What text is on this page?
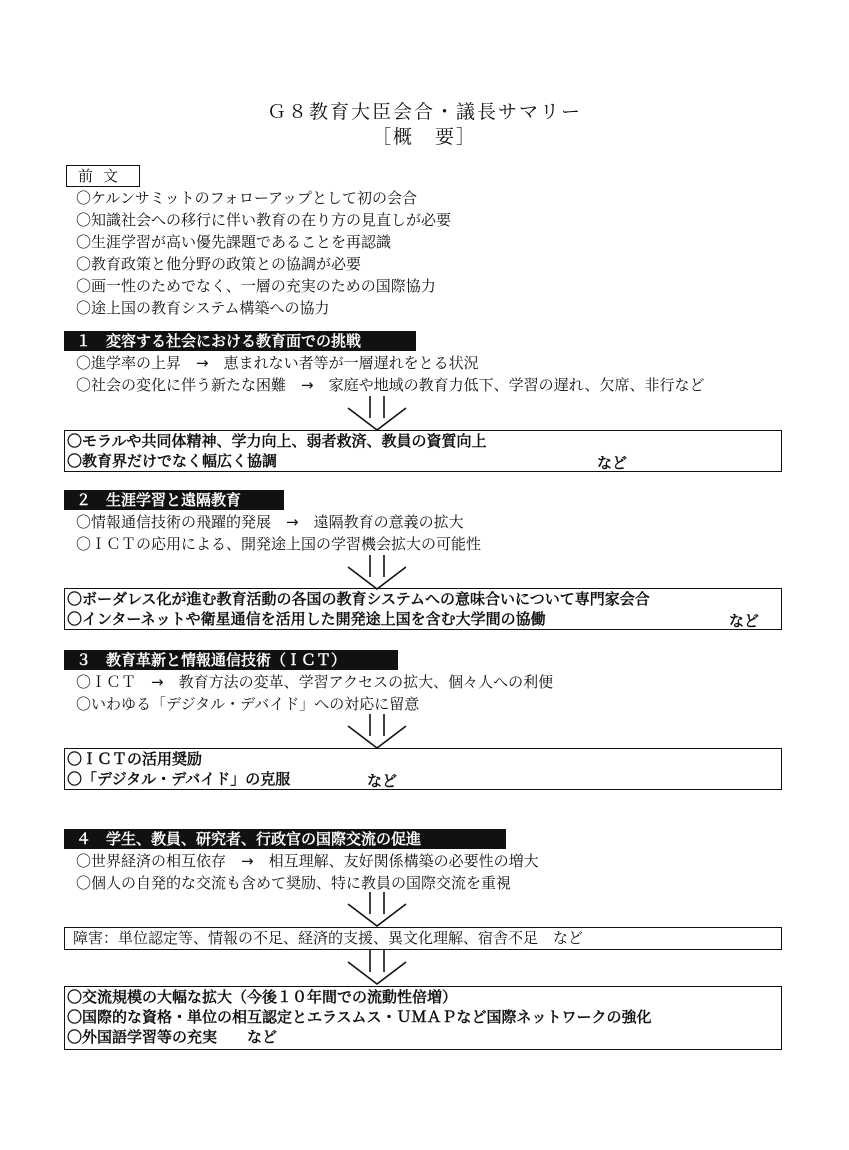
Ｇ８教育大臣会合・議長サマリー
［概　要］
前文
〇ケルンサミットのフォローアップとして初の会合
〇知識社会への移行に伴い教育の在り方の見直しが必要
〇生涯学習が高い優先課題であることを再認識
〇教育政策と他分野の政策との協調が必要
〇画一性のためでなく、一層の充実のための国際協力
〇途上国の教育システム構築への協力
１　変容する社会における教育面での挑戦
〇進学率の上昇　→　恵まれない者等が一層遅れをとる状況
〇社会の変化に伴う新たな困難　→　家庭や地域の教育力低下、学習の遅れ、欠席、非行など
〇モラルや共同体精神、学力向上、弱者救済、教員の資質向上
〇教育界だけでなく幅広く協調	など
２　生涯学習と遠隔教育
〇情報通信技術の飛躍的発展　→　遠隔教育の意義の拡大
〇ＩＣＴの応用による、開発途上国の学習機会拡大の可能性
〇ボーダレス化が進む教育活動の各国の教育システムへの意味合いについて専門家会合
〇インターネットや衛星通信を活用した開発途上国を含む大学間の協働	など
３　教育革新と情報通信技術（ＩＣＴ）
〇ＩＣＴ　→　教育方法の変革、学習アクセスの拡大、個々人への利便
〇いわゆる「デジタル・デバイド」への対応に留意
〇ＩＣＴの活用奨励
〇「デジタル・デバイド」の克服	など
４　学生、教員、研究者、行政官の国際交流の促進
〇世界経済の相互依存　→　相互理解、友好関係構築の必要性の増大
〇個人の自発的な交流も含めて奨励、特に教員の国際交流を重視
障害：単位認定等、情報の不足、経済的支援、異文化理解、宿舎不足　など
〇交流規模の大幅な拡大（今後１０年間での流動性倍増）
〇国際的な資格・単位の相互認定とエラスムス・ＵＭＡＰなど国際ネットワークの強化
〇外国語学習等の充実　　など
